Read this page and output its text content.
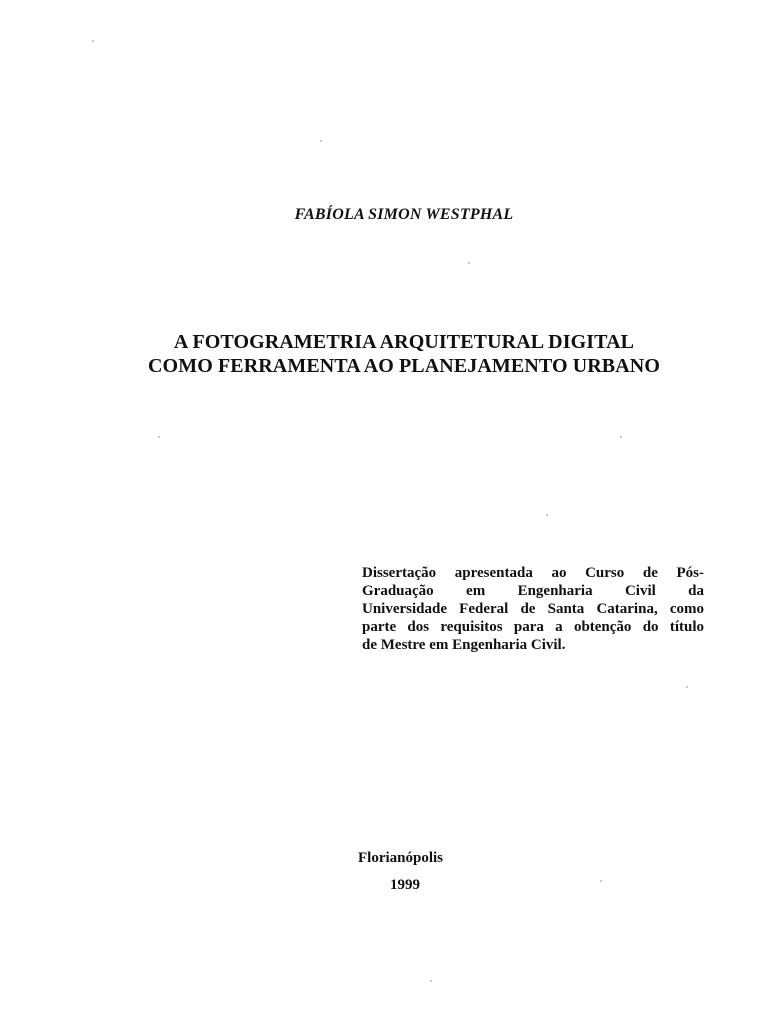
FABÍOLA SIMON WESTPHAL
A FOTOGRAMETRIA ARQUITETURAL DIGITAL
COMO FERRAMENTA AO PLANEJAMENTO URBANO
Dissertação apresentada ao Curso de Pós-
Graduação em Engenharia Civil da
Universidade Federal de Santa Catarina, como
parte dos requisitos para a obtenção do título
de Mestre em Engenharia Civil.
Florianópolis
1999
